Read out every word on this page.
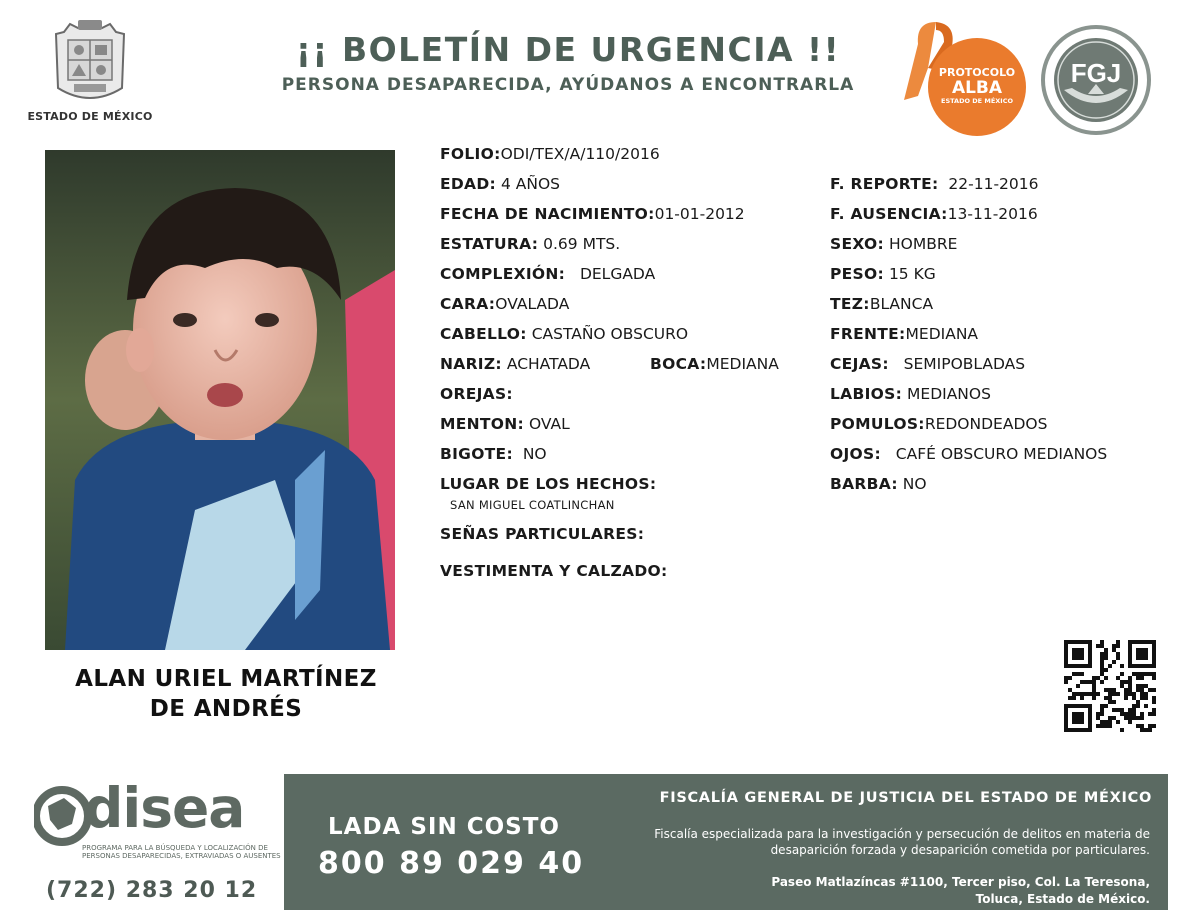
ESTADO DE MÉXICO
¡¡ BOLETÍN DE URGENCIA !!
PERSONA DESAPARECIDA, AYÚDANOS A ENCONTRARLA
PROTOCOLO
ALBA
ESTADO DE MÉXICO
FGJ
ALAN URIEL MARTÍNEZ
DE ANDRÉS
FOLIO:ODI/TEX/A/110/2016
EDAD: 4 AÑOS
FECHA DE NACIMIENTO:01-01-2012
ESTATURA: 0.69 MTS.
COMPLEXIÓN: DELGADA
CARA:OVALADA
CABELLO: CASTAÑO OBSCURO
NARIZ: ACHATADA	BOCA:MEDIANA
OREJAS:
MENTON: OVAL
BIGOTE: NO
LUGAR DE LOS HECHOS:
SAN MIGUEL COATLINCHAN
SEÑAS PARTICULARES:
VESTIMENTA Y CALZADO:
F. REPORTE: 22-11-2016
F. AUSENCIA:13-11-2016
SEXO: HOMBRE
PESO: 15 KG
TEZ:BLANCA
FRENTE:MEDIANA
CEJAS: SEMIPOBLADAS
LABIOS: MEDIANOS
POMULOS:REDONDEADOS
OJOS: CAFÉ OBSCURO MEDIANOS
BARBA: NO
disea
PROGRAMA PARA LA BÚSQUEDA Y LOCALIZACIÓN DE PERSONAS DESAPARECIDAS, EXTRAVIADAS O AUSENTES
(722) 283 20 12
LADA SIN COSTO
800 89 029 40
FISCALÍA GENERAL DE JUSTICIA DEL ESTADO DE MÉXICO
Fiscalía especializada para la investigación y persecución de delitos en materia de desaparición forzada y desaparición cometida por particulares.
Paseo Matlazíncas #1100, Tercer piso, Col. La Teresona,
Toluca, Estado de México.
